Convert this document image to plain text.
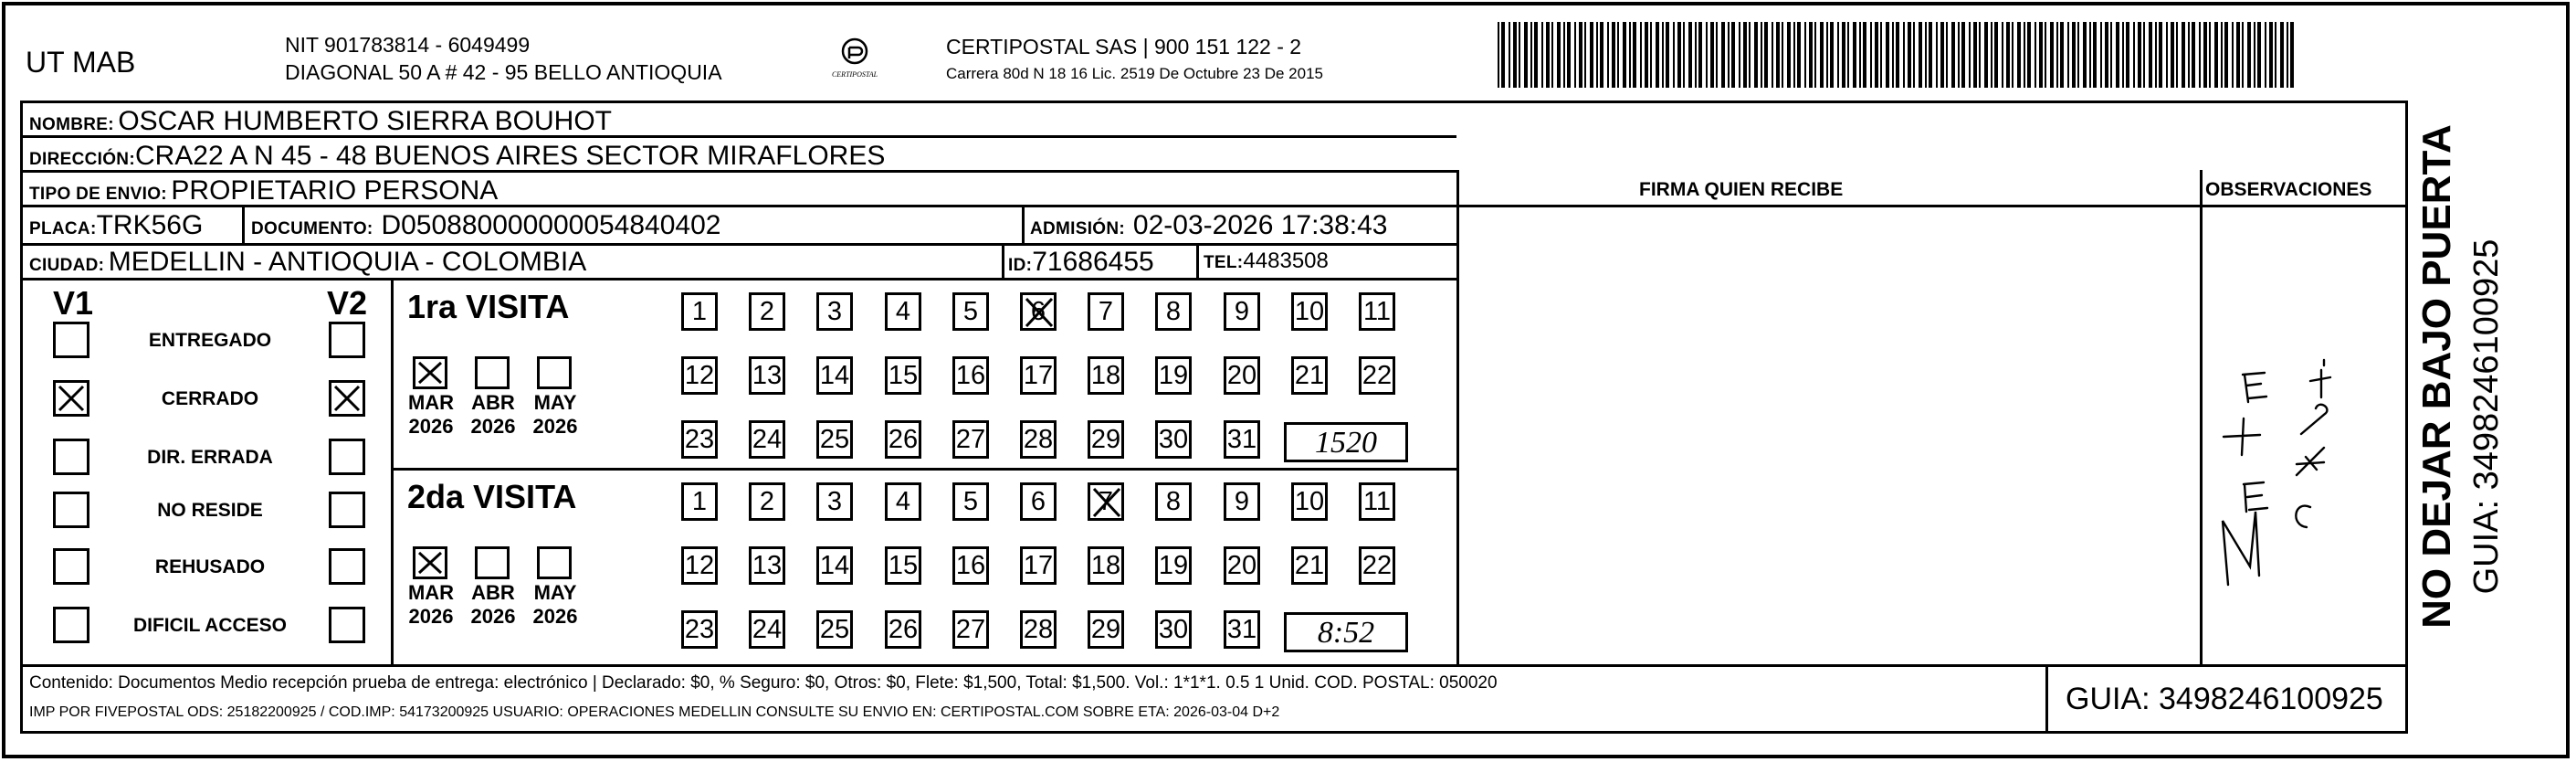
UT MAB
NIT 901783814 - 6049499
DIAGONAL 50 A # 42 - 95 BELLO ANTIOQUIA	CERTIPOSTAL
CERTIPOSTAL SAS | 900 151 122 - 2
Carrera 80d N 18 16 Lic. 2519 De Octubre 23 De 2015
NOMBRE: OSCAR HUMBERTO SIERRA BOUHOT
DIRECCIÓN:CRA22 A N 45 - 48 BUENOS AIRES SECTOR MIRAFLORES
TIPO DE ENVIO: PROPIETARIO PERSONA	FIRMA QUIEN RECIBE	OBSERVACIONES
PLACA:TRK56G	DOCUMENTO: D050880000000054840402	ADMISIÓN: 02-03-2026 17:38:43
CIUDAD: MEDELLIN - ANTIOQUIA - COLOMBIA	ID:71686455	TEL:4483508
V1	V2
ENTREGADO
CERRADO
DIR. ERRADA
NO RESIDE
REHUSADO
DIFICIL ACCESO
1ra VISITA
MAR
2026
ABR
2026
MAY
2026
1	2	3	4	5	6	7	8	9	10 11
12 13 14 15 16 17 18 19 20 21 22
23 24 25 26 27 28 29 30 31	1520
2da VISITA
MAR
2026
ABR
2026
MAY
2026
1	2	3	4	5	6	7	8	9	10 11
12 13 14 15 16 17 18 19 20 21 22
23 24 25 26 27 28 29 30 31	8:52
NO DEJAR BAJO PUERTA GUIA: 3498246100925
Contenido: Documentos Medio recepción prueba de entrega: electrónico | Declarado: $0, % Seguro: $0, Otros: $0, Flete: $1,500, Total: $1,500. Vol.: 1*1*1. 0.5 1 Unid. COD. POSTAL: 050020
IMP POR FIVEPOSTAL ODS: 25182200925 / COD.IMP: 54173200925 USUARIO: OPERACIONES MEDELLIN CONSULTE SU ENVIO EN: CERTIPOSTAL.COM SOBRE ETA: 2026-03-04 D+2	GUIA: 3498246100925
